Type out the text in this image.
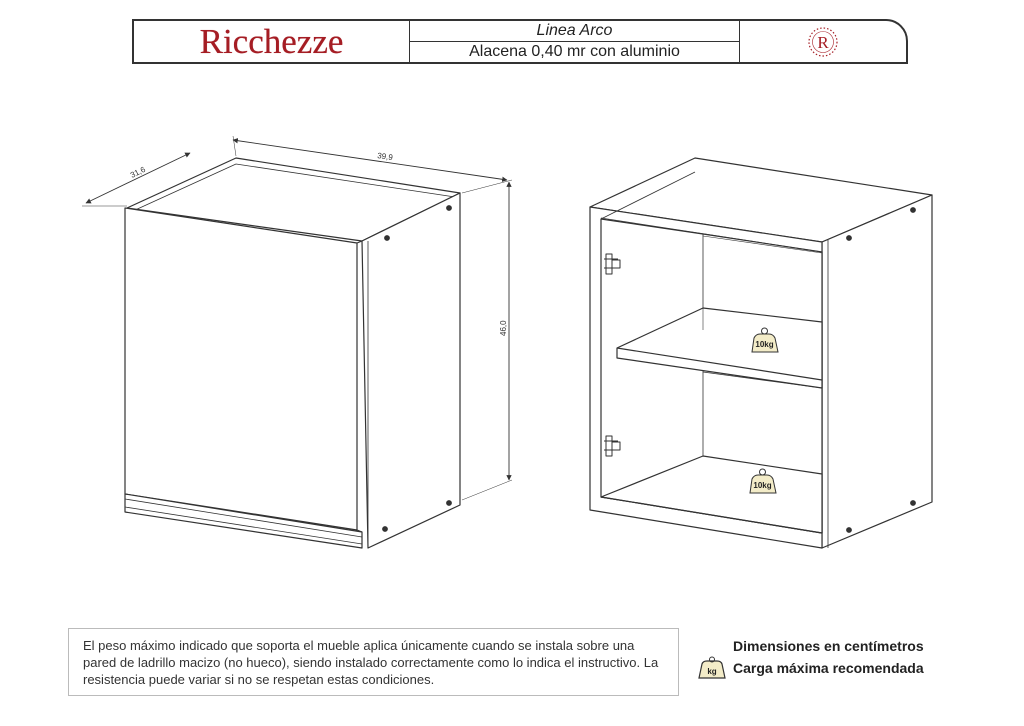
Ricchezze	Linea Arco
Alacena 0,40 mr con aluminio	R
31,6
39,9
46,0
10kg
10kg
El peso máximo indicado que soporta el mueble aplica únicamente cuando se instala sobre una pared de ladrillo macizo (no hueco), siendo instalado correctamente como lo indica el instructivo. La resistencia puede variar si no se respetan estas condiciones.
Dimensiones en centímetros
kg Carga máxima recomendada
